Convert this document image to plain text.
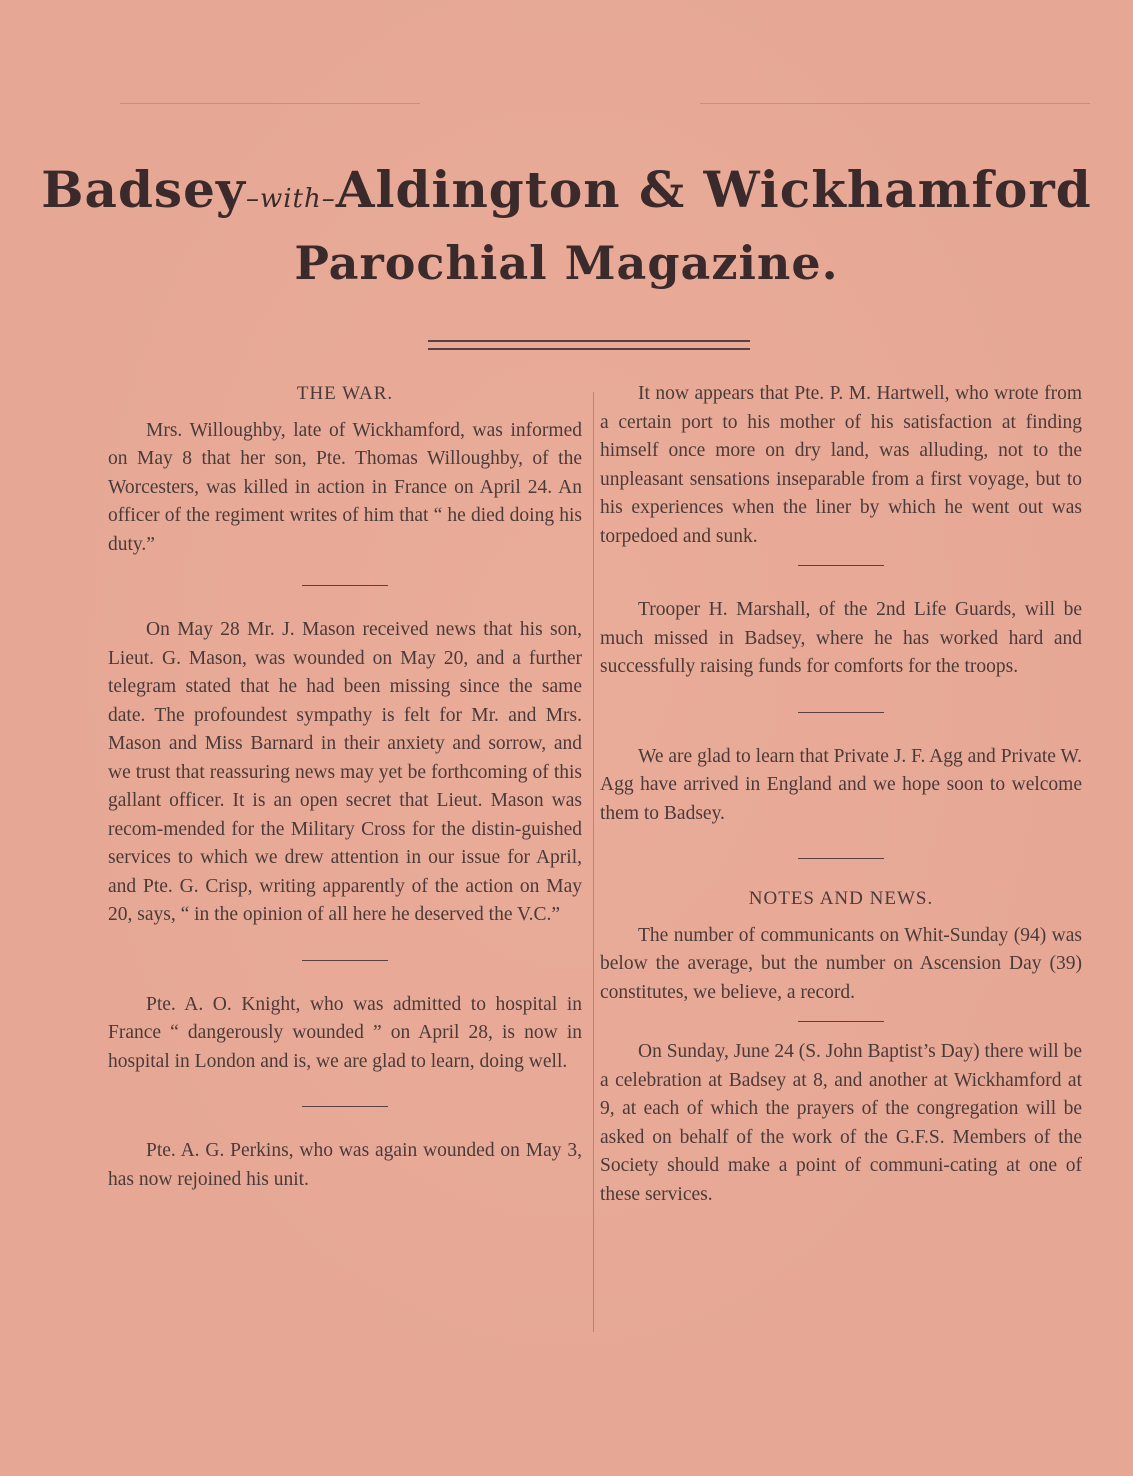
Badsey–with–Aldington & Wickhamford
Parochial Magazine.
THE WAR.

Mrs. Willoughby, late of Wickhamford, was informed on May 8 that her son, Pte. Thomas Willoughby, of the Worcesters, was killed in action in France on April 24. An officer of the regiment writes of him that “ he died doing his duty.”

On May 28 Mr. J. Mason received news that his son, Lieut. G. Mason, was wounded on May 20, and a further telegram stated that he had been missing since the same date. The profoundest sympathy is felt for Mr. and Mrs. Mason and Miss Barnard in their anxiety and sorrow, and we trust that reassuring news may yet be forthcoming of this gallant officer. It is an open secret that Lieut. Mason was recom-mended for the Military Cross for the distin-guished services to which we drew attention in our issue for April, and Pte. G. Crisp, writing apparently of the action on May 20, says, “ in the opinion of all here he deserved the V.C.”

Pte. A. O. Knight, who was admitted to hospital in France “ dangerously wounded ” on April 28, is now in hospital in London and is, we are glad to learn, doing well.

Pte. A. G. Perkins, who was again wounded on May 3, has now rejoined his unit.

It now appears that Pte. P. M. Hartwell, who wrote from a certain port to his mother of his satisfaction at finding himself once more on dry land, was alluding, not to the unpleasant sensations inseparable from a first voyage, but to his experiences when the liner by which he went out was torpedoed and sunk.

Trooper H. Marshall, of the 2nd Life Guards, will be much missed in Badsey, where he has worked hard and successfully raising funds for comforts for the troops.

We are glad to learn that Private J. F. Agg and Private W. Agg have arrived in England and we hope soon to welcome them to Badsey.

NOTES AND NEWS.

The number of communicants on Whit-Sunday (94) was below the average, but the number on Ascension Day (39) constitutes, we believe, a record.

On Sunday, June 24 (S. John Baptist’s Day) there will be a celebration at Badsey at 8, and another at Wickhamford at 9, at each of which the prayers of the congregation will be asked on behalf of the work of the G.F.S. Members of the Society should make a point of communi-cating at one of these services.
